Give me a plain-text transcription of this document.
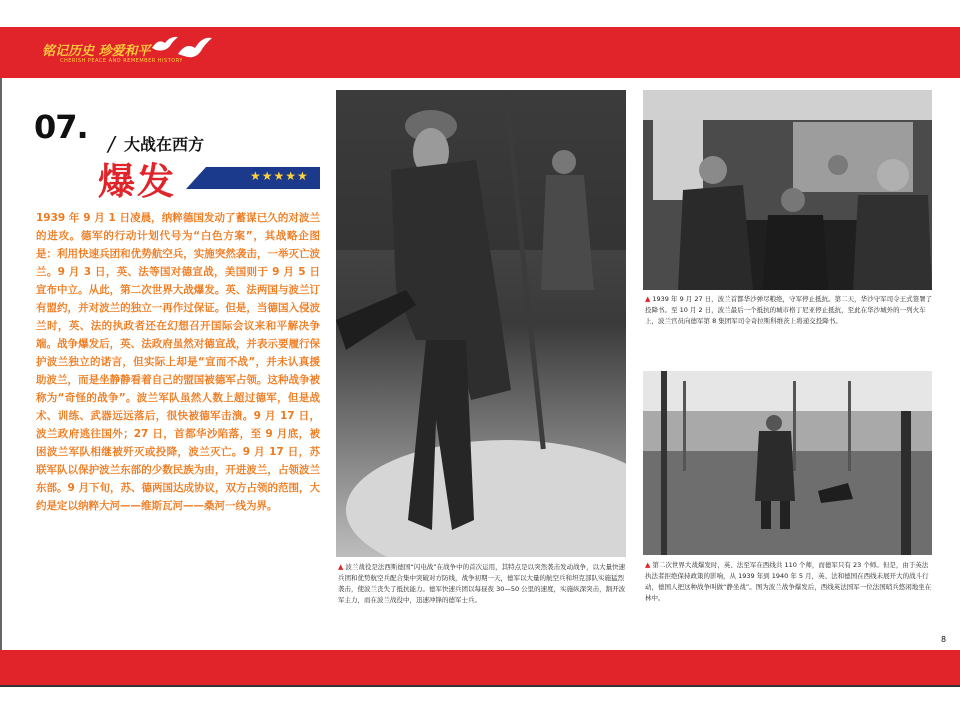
铭记历史 珍爱和平
CHERISH PEACE AND REMEMBER HISTORY
07. / 大战在西方
爆发	★★★★★

1939 年 9 月 1 日凌晨，纳粹德国发动了蓄谋已久的对波兰的进攻。德军的行动计划代号为“白色方案”，其战略企图是：利用快速兵团和优势航空兵，实施突然袭击，一举灭亡波兰。9 月 3 日，英、法等国对德宣战，美国则于 9 月 5 日宣布中立。从此，第二次世界大战爆发。英、法两国与波兰订有盟约，并对波兰的独立一再作过保证。但是，当德国入侵波兰时，英、法的执政者还在幻想召开国际会议来和平解决争端。战争爆发后，英、法政府虽然对德宣战，并表示要履行保护波兰独立的诺言，但实际上却是“宣而不战”，并未认真援助波兰，而是坐静静看着自己的盟国被德军占领。这种战争被称为“奇怪的战争”。波兰军队虽然人数上超过德军，但是战术、训练、武器远远落后，很快被德军击溃。9 月 17 日，波兰政府逃往国外；27 日，首都华沙陷落，至 9 月底，被困波兰军队相继被歼灭或投降，波兰灭亡。9 月 17 日，苏联军队以保护波兰东部的少数民族为由，开进波兰，占领波兰东部。9 月下旬，苏、德两国达成协议，双方占领的范围，大约是定以纳粹大河——维斯瓦河——桑河一线为界。

▲ 波兰战役是法西斯德国“闪电战”在战争中的首次运用，其特点是以突然袭击发动战争，以大量快速兵团和优势航空兵配合集中突破对方防线，战争初期一天，德军以大量的航空兵和坦克部队实施猛烈袭击，使波兰丧失了抵抗能力。德军快速兵团以每昼夜 30—50 公里的速度，实施纵深突击，割开波军主力，而在波兰战役中，迅速冲锋的德军士兵。

▲ 1939 年 9 月 27 日，波兰首都华沙弹尽粮绝，守军停止抵抗。第二天，华沙守军司令王式签署了投降书。至 10 月 2 日，波兰最后一个抵抗的城市格丁尼亚停止抵抗，至此在华沙城外的一列火车上，波兰官员向德军第 8 集团军司令奇拉斯科维茨上将递交投降书。

▲ 第二次世界大战爆发时，英、法至军在西线共 110 个师，而德军只有 23 个师。但是，由于英法执法者拒绝保持政策的影响，从 1939 年到 1940 年 5 月，英、法和德国在西线未展开大的战斗行动，德国人把这种战争叫做“静坐战”。图为波兰战争爆发后，西线英法国军一位法国哨兵悠闲地坐在林中。

8
